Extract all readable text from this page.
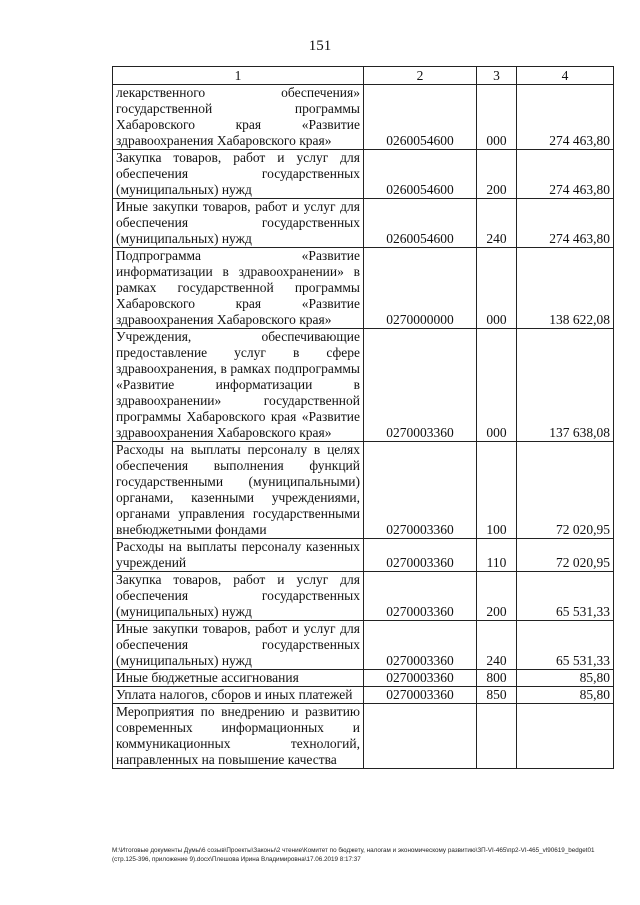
151
1	2	3	4
лекарственного обеспечения» государственной программы Хабаровского края «Развитие здравоохранения Хабаровского края»	0260054600	000	274 463,80
Закупка товаров, работ и услуг для обеспечения государственных (муниципальных) нужд	0260054600	200	274 463,80
Иные закупки товаров, работ и услуг для обеспечения государственных (муниципальных) нужд	0260054600	240	274 463,80
Подпрограмма «Развитие информатизации в здравоохранении» в рамках государственной программы Хабаровского края «Развитие здравоохранения Хабаровского края»	0270000000	000	138 622,08
Учреждения, обеспечивающие предоставление услуг в сфере здравоохранения, в рамках подпрограммы «Развитие информатизации в здравоохранении» государственной программы Хабаровского края «Развитие здравоохранения Хабаровского края»	0270003360	000	137 638,08
Расходы на выплаты персоналу в целях обеспечения выполнения функций государственными (муниципальными) органами, казенными учреждениями, органами управления государственными внебюджетными фондами	0270003360	100	72 020,95
Расходы на выплаты персоналу казенных учреждений	0270003360	110	72 020,95
Закупка товаров, работ и услуг для обеспечения государственных (муниципальных) нужд	0270003360	200	65 531,33
Иные закупки товаров, работ и услуг для обеспечения государственных (муниципальных) нужд	0270003360	240	65 531,33
Иные бюджетные ассигнования	0270003360	800	85,80
Уплата налогов, сборов и иных платежей	0270003360	850	85,80
Мероприятия по внедрению и развитию современных информационных и коммуникационных технологий, направленных на повышение качества			
M:\Итоговые документы Думы\6 созыв\Проекты\Законы\2 чтение\Комитет по бюджету, налогам и экономическому развитию\ЗП-VI-465\пр2-VI-465_vl90619_bedget01 (стр.125-396, приложение 9).docx\Плешова Ирина Владимировна\17.06.2019 8:17:37
